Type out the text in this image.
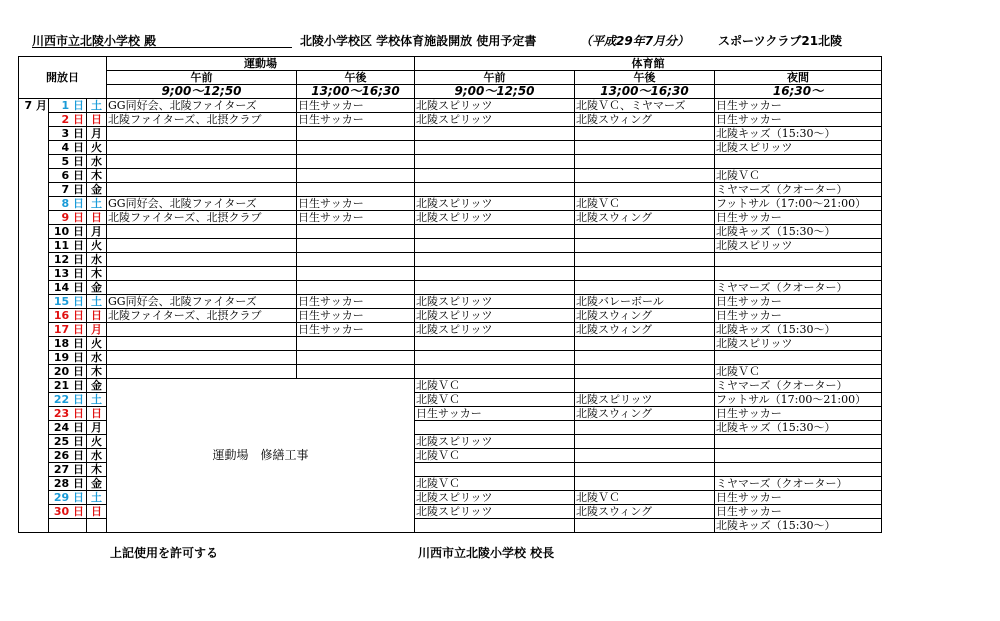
川西市立北陵小学校 殿	北陵小学校区 学校体育施設開放 使用予定書	（平成29年7月分） スポーツクラブ21北陵
開放日			運動場		体育館		
			午前	午後	午前	午後	夜間
			9;00～12;50	13;00～16;30	9;00～12;50	13;00～16;30	16;30～
7 月	1 日	土	GG同好会、北陵ファイターズ	日生サッカー	北陵スピリッツ	北陵ＶＣ、ミヤマーズ	日生サッカー
	2 日	日	北陵ファイターズ、北摂クラブ	日生サッカー	北陵スピリッツ	北陵スウィング	日生サッカー
	3 日	月					北陵キッズ（15:30～）
	4 日	火					北陵スピリッツ
	5 日	水					
	6 日	木					北陵ＶＣ
	7 日	金					ミヤマーズ（クオーター）
	8 日	土	GG同好会、北陵ファイターズ	日生サッカー	北陵スピリッツ	北陵ＶＣ	フットサル（17:00～21:00）
	9 日	日	北陵ファイターズ、北摂クラブ	日生サッカー	北陵スピリッツ	北陵スウィング	日生サッカー
	10 日	月					北陵キッズ（15:30～）
	11 日	火					北陵スピリッツ
	12 日	水					
	13 日	木					
	14 日	金					ミヤマーズ（クオーター）
	15 日	土	GG同好会、北陵ファイターズ	日生サッカー	北陵スピリッツ	北陵バレーボール	日生サッカー
	16 日	日	北陵ファイターズ、北摂クラブ	日生サッカー	北陵スピリッツ	北陵スウィング	日生サッカー
	17 日	月		日生サッカー	北陵スピリッツ	北陵スウィング	北陵キッズ（15:30～）
	18 日	火					北陵スピリッツ
	19 日	水					
	20 日	木					北陵ＶＣ
	21 日	金	運動場　修繕工事		北陵ＶＣ		ミヤマーズ（クオーター）
	22 日	土			北陵ＶＣ	北陵スピリッツ	フットサル（17:00～21:00）
	23 日	日			日生サッカー	北陵スウィング	日生サッカー
	24 日	月					北陵キッズ（15:30～）
	25 日	火			北陵スピリッツ		
	26 日	水			北陵ＶＣ		
	27 日	木					
	28 日	金			北陵ＶＣ		ミヤマーズ（クオーター）
	29 日	土			北陵スピリッツ	北陵ＶＣ	日生サッカー
	30 日	日			北陵スピリッツ	北陵スウィング	日生サッカー
							北陵キッズ（15:30～）
上記使用を許可する	川西市立北陵小学校 校長
